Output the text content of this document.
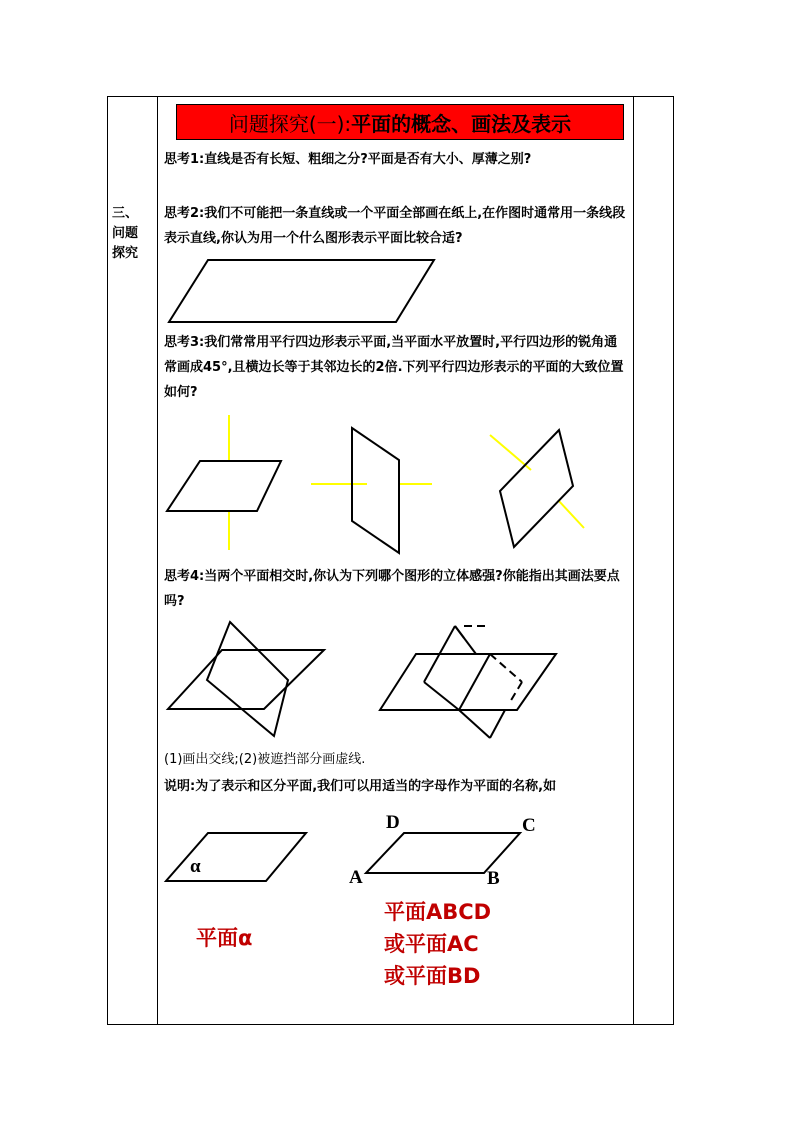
三、
问题
探究
问题探究(一): 平面的概念、画法及表示
思考1:直线是否有长短、粗细之分?平面是否有大小、厚薄之别?
思考2:我们不可能把一条直线或一个平面全部画在纸上,在作图时通常用一条线段表示直线,你认为用一个什么图形表示平面比较合适?
思考3:我们常常用平行四边形表示平面,当平面水平放置时,平行四边形的锐角通常画成45°,且横边长等于其邻边长的2倍.下列平行四边形表示的平面的大致位置如何?
思考4:当两个平面相交时,你认为下列哪个图形的立体感强?你能指出其画法要点吗?
(1)画出交线;(2)被遮挡部分画虚线.
说明:为了表示和区分平面,我们可以用适当的字母作为平面的名称,如
α
D	C
A	B
平面α
平面ABCD
或平面AC
或平面BD
